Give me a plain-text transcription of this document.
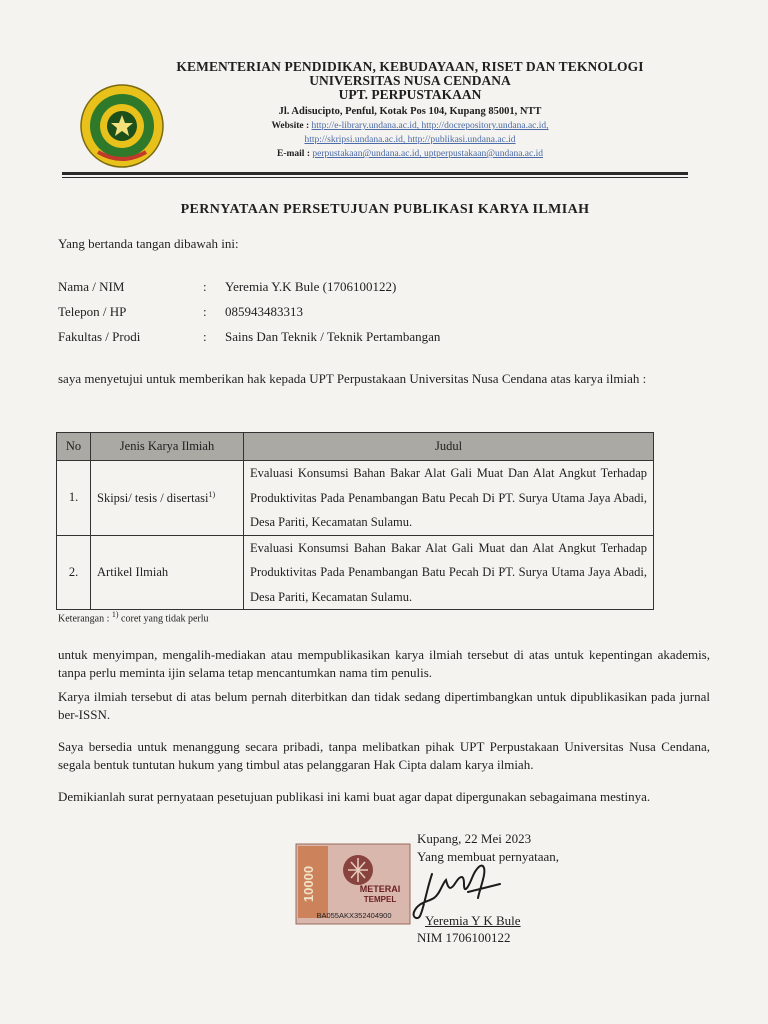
KEMENTERIAN PENDIDIKAN, KEBUDAYAAN, RISET DAN TEKNOLOGI
UNIVERSITAS NUSA CENDANA
UPT. PERPUSTAKAAN
Jl. Adisucipto, Penful, Kotak Pos 104, Kupang 85001, NTT
Website : http://e-library.undana.ac.id, http://docrepository.undana.ac.id,
http://skripsi.undana.ac.id, http://publikasi.undana.ac.id
E-mail : perpustakaan@undana.ac.id, uptperpustakaan@undana.ac.id
PERNYATAAN PERSETUJUAN PUBLIKASI KARYA ILMIAH
Yang bertanda tangan dibawah ini:
Nama / NIM	: Yeremia Y.K Bule (1706100122)
Telepon / HP	: 085943483313
Fakultas / Prodi	: Sains Dan Teknik / Teknik Pertambangan
saya menyetujui untuk memberikan hak kepada UPT Perpustakaan Universitas Nusa Cendana atas karya ilmiah :
No	Jenis Karya Ilmiah	Judul
1.	Skipsi/ tesis / disertasi$^{1)}$	Evaluasi Konsumsi Bahan Bakar Alat Gali Muat Dan Alat Angkut Terhadap Produktivitas Pada Penambangan Batu Pecah Di PT. Surya Utama Jaya Abadi, Desa Pariti, Kecamatan Sulamu.
2.	Artikel Ilmiah	Evaluasi Konsumsi Bahan Bakar Alat Gali Muat dan Alat Angkut Terhadap Produktivitas Pada Penambangan Batu Pecah Di PT. Surya Utama Jaya Abadi, Desa Pariti, Kecamatan Sulamu.
Keterangan : $^{1)}$ coret yang tidak perlu
untuk menyimpan, mengalih-mediakan atau mempublikasikan karya ilmiah tersebut di atas untuk kepentingan akademis, tanpa perlu meminta ijin selama tetap mencantumkan nama tim penulis.
Karya ilmiah tersebut di atas belum pernah diterbitkan dan tidak sedang dipertimbangkan untuk dipublikasikan pada jurnal ber-ISSN.
Saya bersedia untuk menanggung secara pribadi, tanpa melibatkan pihak UPT Perpustakaan Universitas Nusa Cendana, segala bentuk tuntutan hukum yang timbul atas pelanggaran Hak Cipta dalam karya ilmiah.
Demikianlah surat pernyataan pesetujuan publikasi ini kami buat agar dapat dipergunakan sebagaimana mestinya.
10000	METERAI
TEMPEL
BA055AKX352404900
Kupang, 22 Mei 2023
Yang membuat pernyataan,
Yeremia Y K Bule
NIM 1706100122
